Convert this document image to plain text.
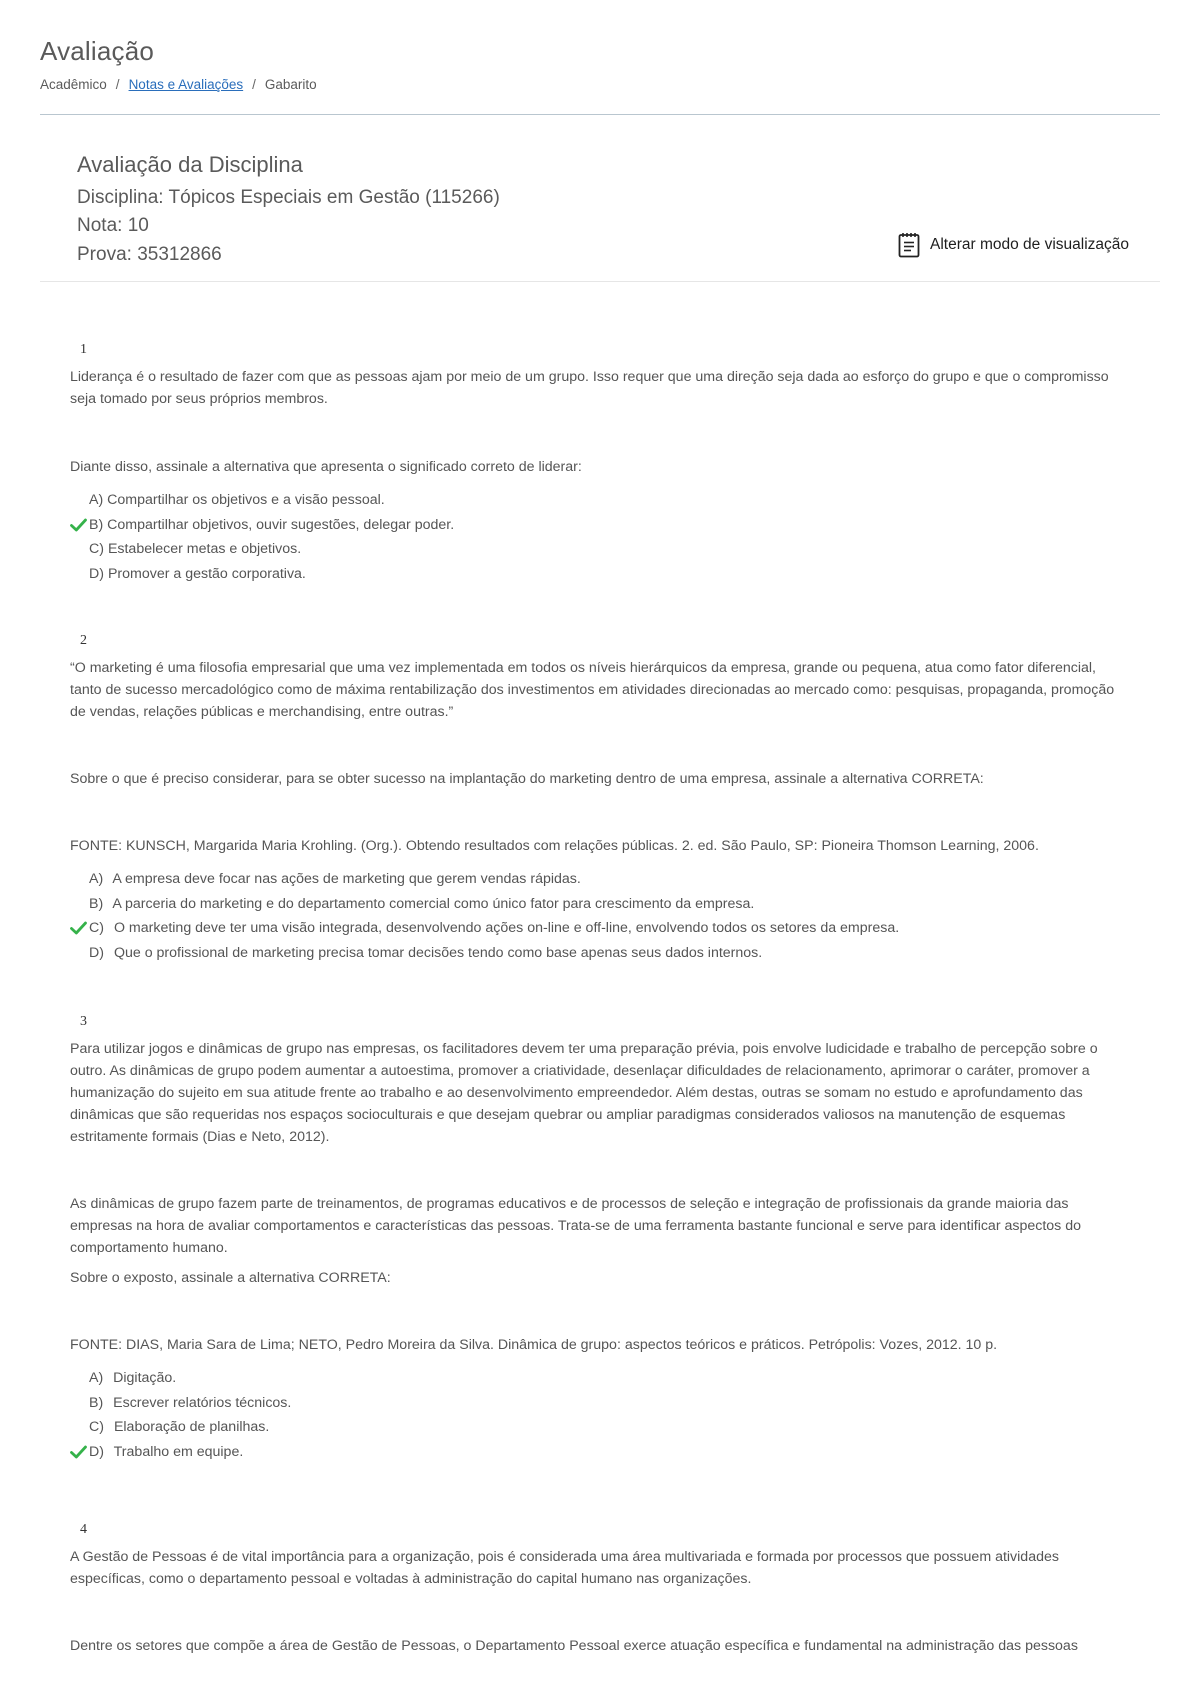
Avaliação
Acadêmico / Notas e Avaliações / Gabarito
Avaliação da Disciplina
Disciplina: Tópicos Especiais em Gestão (115266)
Nota: 10
Prova: 35312866	Alterar modo de visualização
1

Liderança é o resultado de fazer com que as pessoas ajam por meio de um grupo. Isso requer que uma direção seja dada ao esforço do grupo e que o compromisso seja tomado por seus próprios membros.

Diante disso, assinale a alternativa que apresenta o significado correto de liderar:

A) Compartilhar os objetivos e a visão pessoal.
B) Compartilhar objetivos, ouvir sugestões, delegar poder.
C) Estabelecer metas e objetivos.
D) Promover a gestão corporativa.
2

“O marketing é uma filosofia empresarial que uma vez implementada em todos os níveis hierárquicos da empresa, grande ou pequena, atua como fator diferencial, tanto de sucesso mercadológico como de máxima rentabilização dos investimentos em atividades direcionadas ao mercado como: pesquisas, propaganda, promoção de vendas, relações públicas e merchandising, entre outras.”

Sobre o que é preciso considerar, para se obter sucesso na implantação do marketing dentro de uma empresa, assinale a alternativa CORRETA:

FONTE: KUNSCH, Margarida Maria Krohling. (Org.). Obtendo resultados com relações públicas. 2. ed. São Paulo, SP: Pioneira Thomson Learning, 2006.

A) A empresa deve focar nas ações de marketing que gerem vendas rápidas.
B) A parceria do marketing e do departamento comercial como único fator para crescimento da empresa.
C) O marketing deve ter uma visão integrada, desenvolvendo ações on-line e off-line, envolvendo todos os setores da empresa.
D) Que o profissional de marketing precisa tomar decisões tendo como base apenas seus dados internos.
3

Para utilizar jogos e dinâmicas de grupo nas empresas, os facilitadores devem ter uma preparação prévia, pois envolve ludicidade e trabalho de percepção sobre o outro. As dinâmicas de grupo podem aumentar a autoestima, promover a criatividade, desenlaçar dificuldades de relacionamento, aprimorar o caráter, promover a humanização do sujeito em sua atitude frente ao trabalho e ao desenvolvimento empreendedor. Além destas, outras se somam no estudo e aprofundamento das dinâmicas que são requeridas nos espaços socioculturais e que desejam quebrar ou ampliar paradigmas considerados valiosos na manutenção de esquemas estritamente formais (Dias e Neto, 2012).

As dinâmicas de grupo fazem parte de treinamentos, de programas educativos e de processos de seleção e integração de profissionais da grande maioria das empresas na hora de avaliar comportamentos e características das pessoas. Trata-se de uma ferramenta bastante funcional e serve para identificar aspectos do comportamento humano.

Sobre o exposto, assinale a alternativa CORRETA:

FONTE: DIAS, Maria Sara de Lima; NETO, Pedro Moreira da Silva. Dinâmica de grupo: aspectos teóricos e práticos. Petrópolis: Vozes, 2012. 10 p.

A) Digitação.
B) Escrever relatórios técnicos.
C) Elaboração de planilhas.
D) Trabalho em equipe.
4

A Gestão de Pessoas é de vital importância para a organização, pois é considerada uma área multivariada e formada por processos que possuem atividades específicas, como o departamento pessoal e voltadas à administração do capital humano nas organizações.

Dentre os setores que compõe a área de Gestão de Pessoas, o Departamento Pessoal exerce atuação específica e fundamental na administração das pessoas
